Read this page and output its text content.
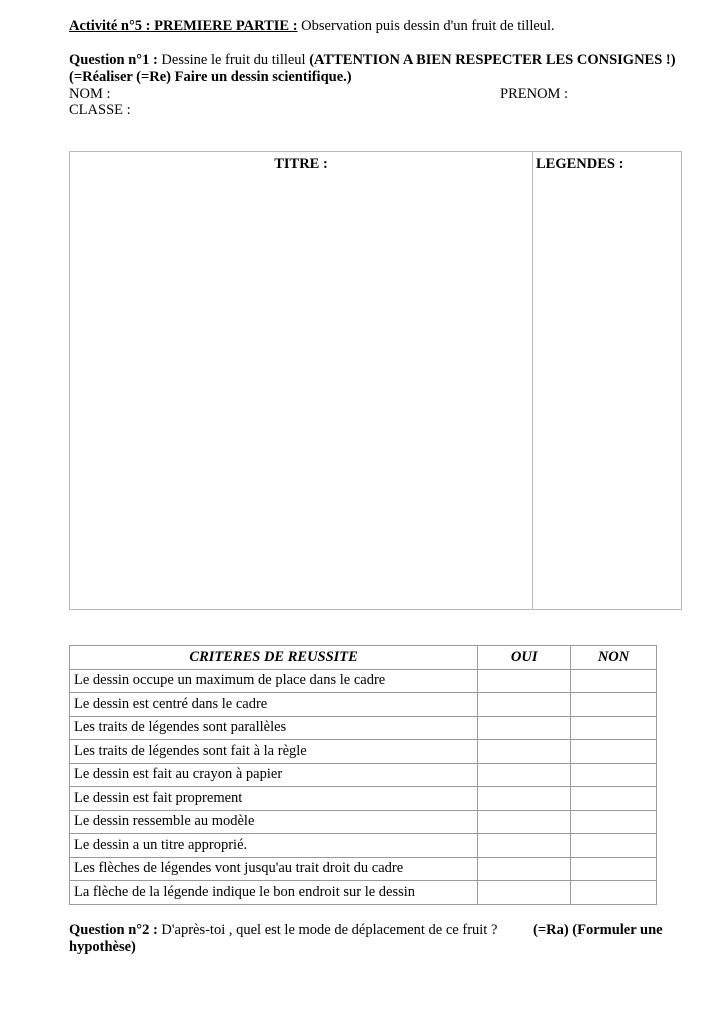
Activité n°5 : PREMIERE PARTIE : Observation puis dessin d'un fruit de tilleul.
Question n°1 : Dessine le fruit du tilleul (ATTENTION A BIEN RESPECTER LES CONSIGNES !)
(=Réaliser (=Re) Faire un dessin scientifique.)
NOM :	PRENOM :
CLASSE :
TITRE :	LEGENDES :
CRITERES DE REUSSITE	OUI	NON
Le dessin occupe un maximum de place dans le cadre		
Le dessin est centré dans le cadre		
Les traits de légendes sont parallèles		
Les traits de légendes sont fait à la règle		
Le dessin est fait au crayon à papier		
Le dessin est fait proprement		
Le dessin ressemble au modèle		
Le dessin a un titre approprié.		
Les flèches de légendes vont jusqu'au trait droit du cadre		
La flèche de la légende indique le bon endroit sur le dessin		
Question n°2 : D'après-toi , quel est le mode de déplacement de ce fruit ? (=Ra) (Formuler une
hypothèse)
